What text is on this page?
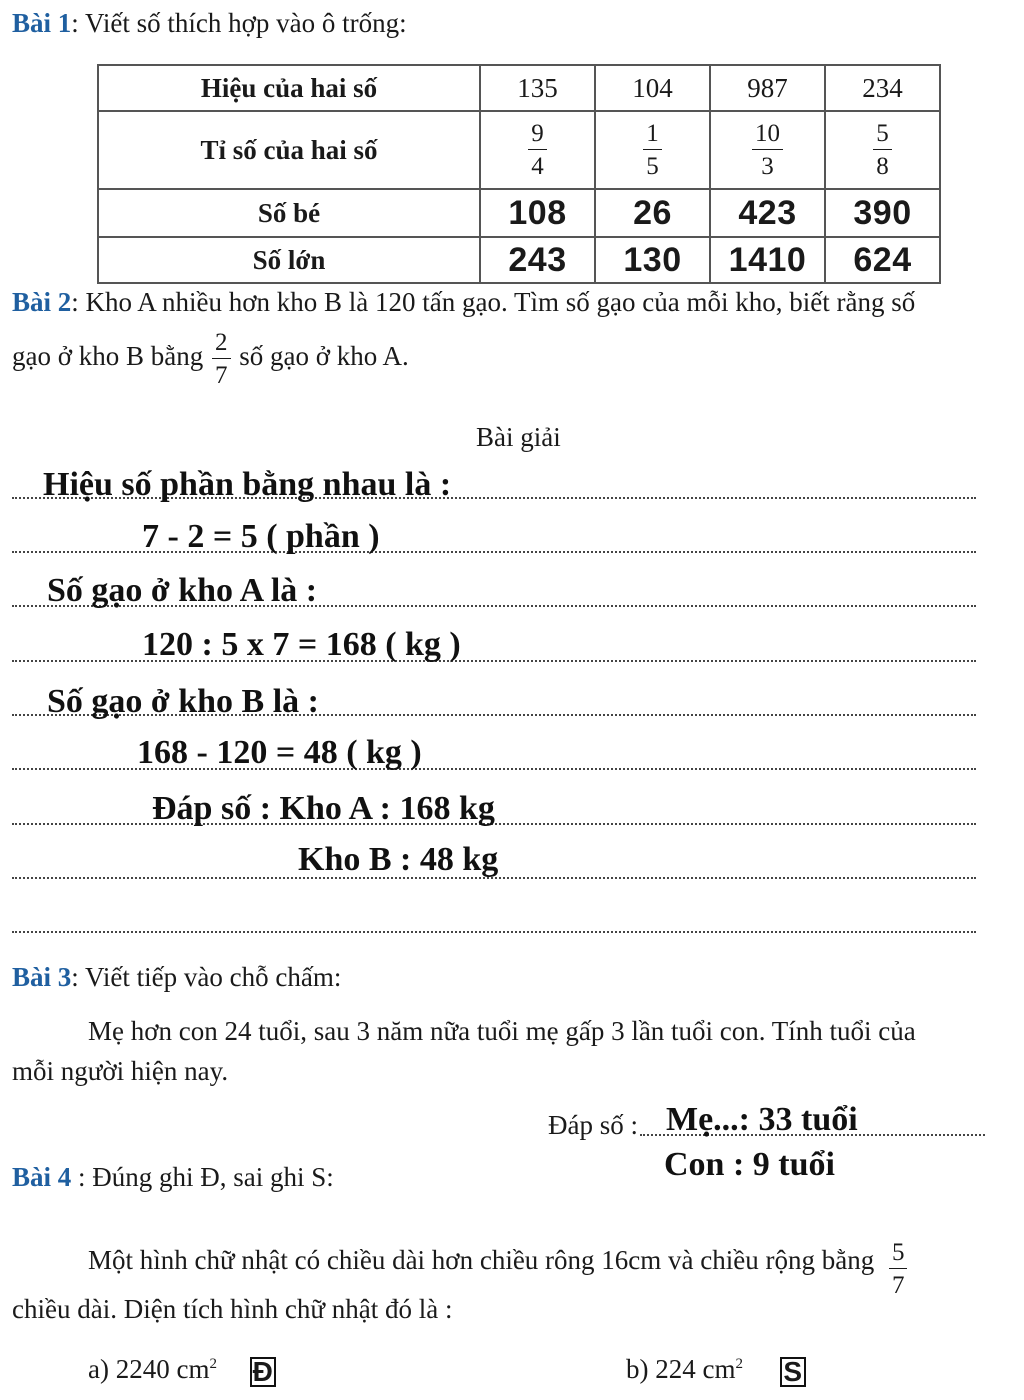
Bài 1: Viết số thích hợp vào ô trống:
Hiệu của hai số	135	104	987	234
Tỉ số của hai số	$\frac{9}{4}$	$\frac{1}{5}$	$\frac{10}{3}$	$\frac{5}{8}$

Số bé	108	26	423	390
Số lớn	243	130	1410	624
Bài 2: Kho A nhiều hơn kho B là 120 tấn gạo. Tìm số gạo của mỗi kho, biết rằng số
gạo ở kho B bằng $\frac{2}{7}$ số gạo ở kho A.
Bài giải
Hiệu số phần bằng nhau là :
7 - 2 = 5 ( phần )
Số gạo ở kho A là :
120 : 5 x 7 = 168 ( kg )
Số gạo ở kho B là :
168 - 120 = 48 ( kg )
Đáp số : Kho A : 168 kg
Kho B : 48 kg
Bài 3: Viết tiếp vào chỗ chấm:
Mẹ hơn con 24 tuổi, sau 3 năm nữa tuổi mẹ gấp 3 lần tuổi con. Tính tuổi của
mỗi người hiện nay.
Đáp số : Mẹ...: 33 tuổi
Con : 9 tuổi
Bài 4 : Đúng ghi Đ, sai ghi S:
Một hình chữ nhật có chiều dài hơn chiều rông 16cm và chiều rộng bằng $\frac{5}{7}$
chiều dài. Diện tích hình chữ nhật đó là :
a) 2240 $cm^2$ Đ	b) 224 $cm^2$ S
